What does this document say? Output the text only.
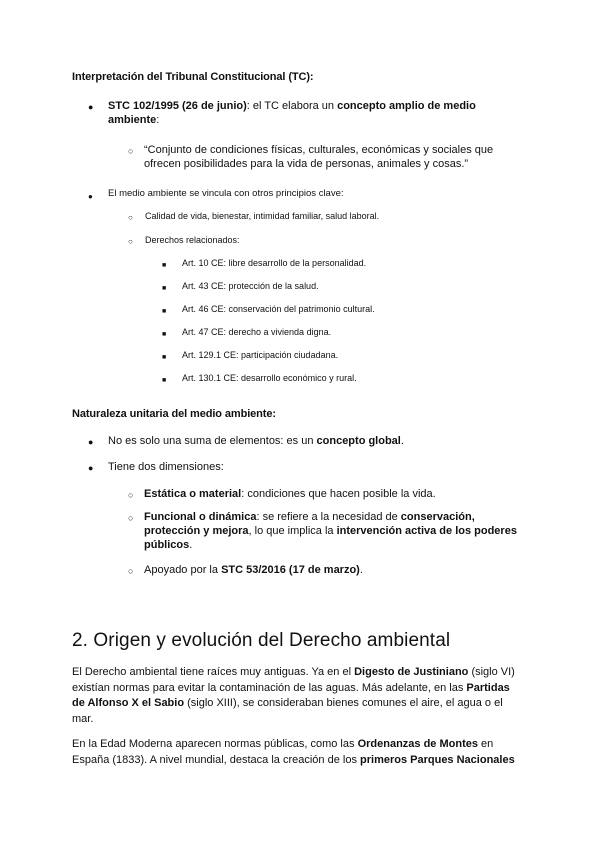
Interpretación del Tribunal Constitucional (TC):
● STC 102/1995 (26 de junio): el TC elabora un concepto amplio de medio
ambiente:
○ “Conjunto de condiciones físicas, culturales, económicas y sociales que
ofrecen posibilidades para la vida de personas, animales y cosas.”
● El medio ambiente se vincula con otros principios clave:
○ Calidad de vida, bienestar, intimidad familiar, salud laboral.
○ Derechos relacionados:
■ Art. 10 CE: libre desarrollo de la personalidad.
■ Art. 43 CE: protección de la salud.
■ Art. 46 CE: conservación del patrimonio cultural.
■ Art. 47 CE: derecho a vivienda digna.
■ Art. 129.1 CE: participación ciudadana.
■ Art. 130.1 CE: desarrollo económico y rural.
Naturaleza unitaria del medio ambiente:
● No es solo una suma de elementos: es un concepto global.
● Tiene dos dimensiones:
○ Estática o material: condiciones que hacen posible la vida.
○ Funcional o dinámica: se refiere a la necesidad de conservación,
protección y mejora, lo que implica la intervención activa de los poderes
públicos.
○ Apoyado por la STC 53/2016 (17 de marzo).
2. Origen y evolución del Derecho ambiental
El Derecho ambiental tiene raíces muy antiguas. Ya en el Digesto de Justiniano (siglo VI)
existían normas para evitar la contaminación de las aguas. Más adelante, en las Partidas
de Alfonso X el Sabio (siglo XIII), se consideraban bienes comunes el aire, el agua o el
mar.
En la Edad Moderna aparecen normas públicas, como las Ordenanzas de Montes en
España (1833). A nivel mundial, destaca la creación de los primeros Parques Nacionales
